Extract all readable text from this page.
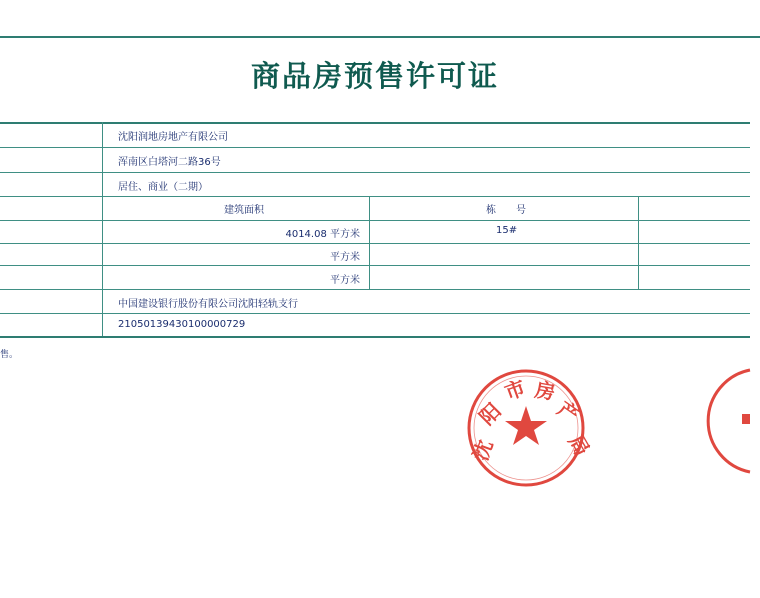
商品房预售许可证
沈阳润地房地产有限公司
浑南区白塔河二路36号
居住、商业（二期）
建筑面积	栋　　号
4014.08 平方米	15#
平方米
平方米
中国建设银行股份有限公司沈阳轻轨支行
21050139430100000729
售。
沈
阳
市 房
产
局
